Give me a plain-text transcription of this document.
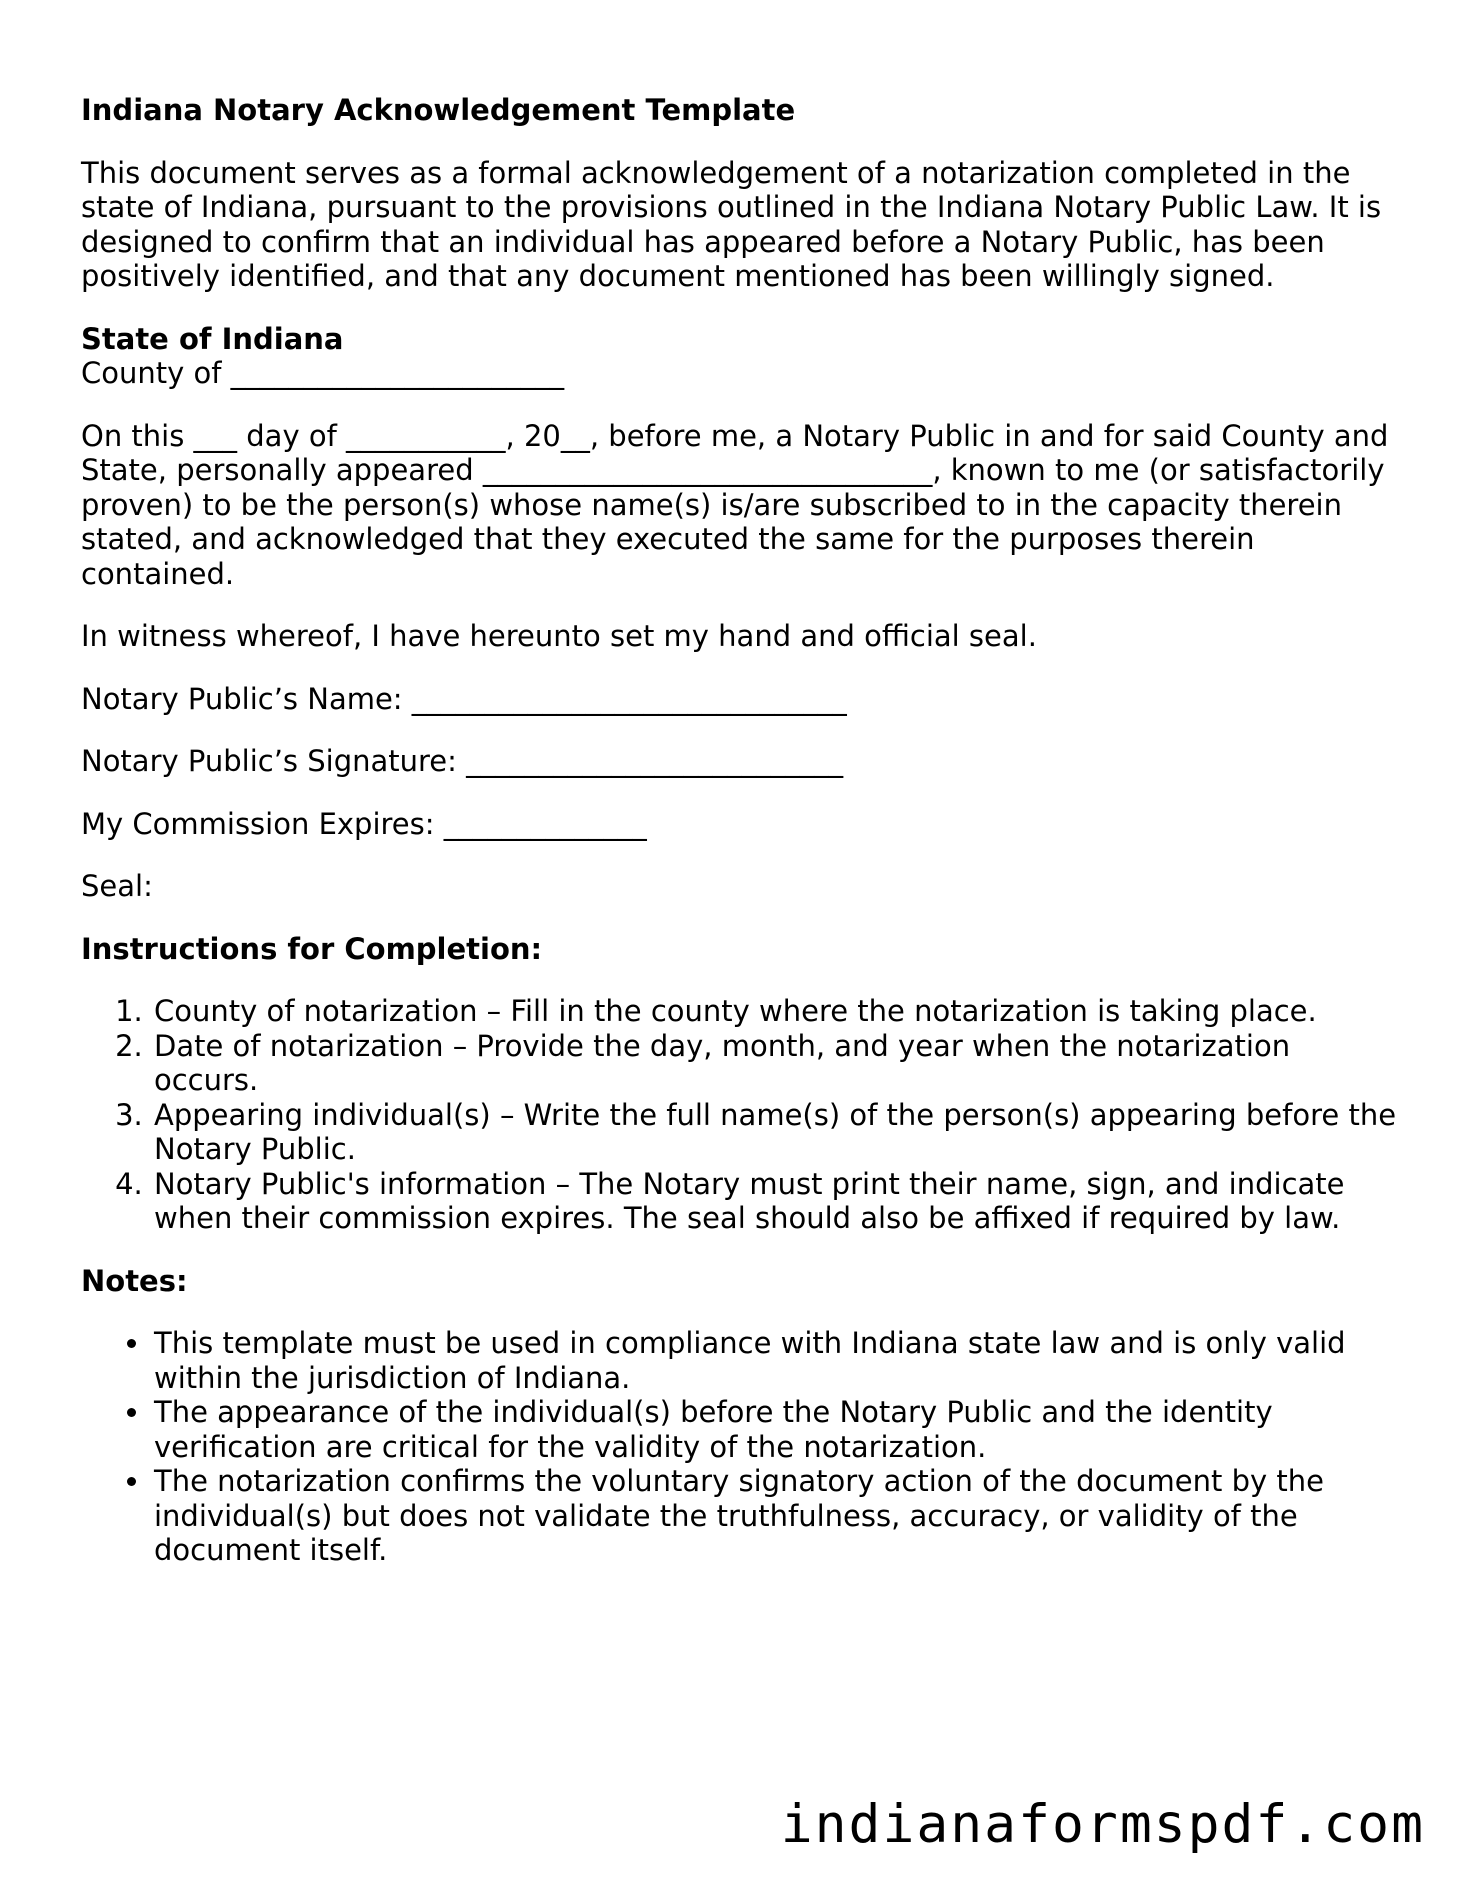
Indiana Notary Acknowledgement Template

This document serves as a formal acknowledgement of a notarization completed in the state of Indiana, pursuant to the provisions outlined in the Indiana Notary Public Law. It is designed to confirm that an individual has appeared before a Notary Public, has been positively identified, and that any document mentioned has been willingly signed.

State of Indiana

County of _______________________

On this ___ day of ___________, 20__, before me, a Notary Public in and for said County and State, personally appeared _______________________________, known to me (or satisfactorily proven) to be the person(s) whose name(s) is/are subscribed to in the capacity therein stated, and acknowledged that they executed the same for the purposes therein contained.

In witness whereof, I have hereunto set my hand and official seal.

Notary Public’s Name: ______________________________
Notary Public’s Signature: __________________________
My Commission Expires: ______________
Seal:
Instructions for Completion:
1. County of notarization – Fill in the county where the notarization is taking place.
2. Date of notarization – Provide the day, month, and year when the notarization occurs.
3. Appearing individual(s) – Write the full name(s) of the person(s) appearing before the Notary Public.
4. Notary Public's information – The Notary must print their name, sign, and indicate when their commission expires. The seal should also be affixed if required by law.
Notes:
• This template must be used in compliance with Indiana state law and is only valid within the jurisdiction of Indiana.
• The appearance of the individual(s) before the Notary Public and the identity verification are critical for the validity of the notarization.
• The notarization confirms the voluntary signatory action of the document by the individual(s) but does not validate the truthfulness, accuracy, or validity of the document itself.
indianaformspdf.com
